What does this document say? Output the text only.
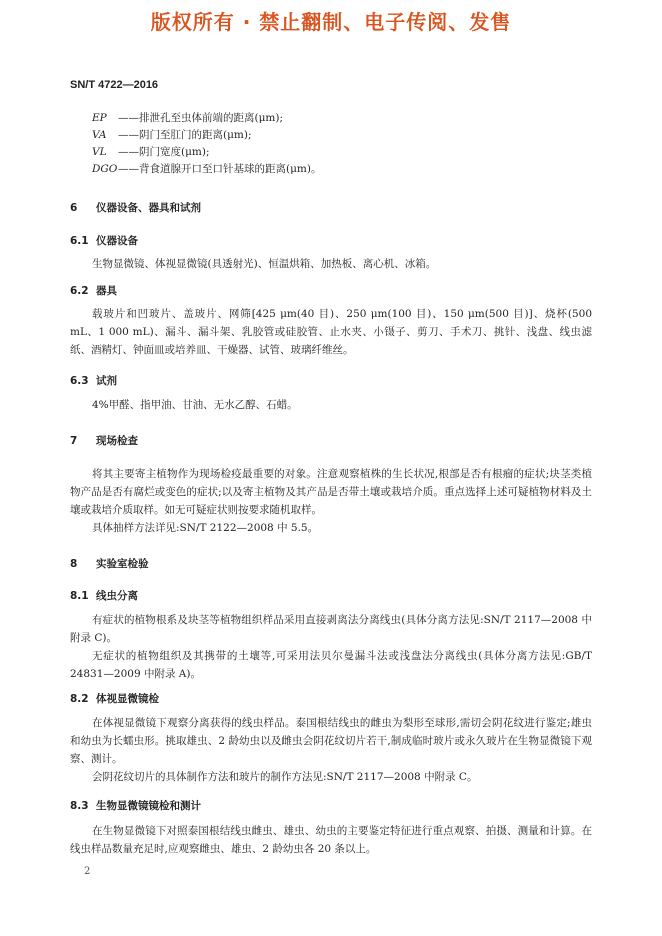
版权所有 · 禁止翻制、电子传阅、发售
SN/T 4722—2016
EP ——排泄孔至虫体前端的距离(μm);
VA ——阴门至肛门的距离(μm);
VL ——阴门宽度(μm);
DGO——背食道腺开口至口针基球的距离(μm)。
6 仪器设备、器具和试剂
6.1 仪器设备
生物显微镜、体视显微镜(具透射光)、恒温烘箱、加热板、离心机、冰箱。
6.2 器具
载玻片和凹玻片、盖玻片、网筛[425 μm(40 目)、250 μm(100 目)、150 μm(500 目)]、烧杯(500 mL、1 000 mL)、漏斗、漏斗架、乳胶管或硅胶管、止水夹、小镊子、剪刀、手术刀、挑针、浅盘、线虫滤纸、酒精灯、钟面皿或培养皿、干燥器、试管、玻璃纤维丝。
6.3 试剂
4%甲醛、指甲油、甘油、无水乙醇、石蜡。
7 现场检查
将其主要寄主植物作为现场检疫最重要的对象。注意观察植株的生长状况,根部是否有根瘤的症状;块茎类植物产品是否有腐烂或变色的症状;以及寄主植物及其产品是否带土壤或栽培介质。重点选择上述可疑植物材料及土壤或栽培介质取样。如无可疑症状则按要求随机取样。
具体抽样方法详见:SN/T 2122—2008 中 5.5。
8 实验室检验
8.1 线虫分离
有症状的植物根系及块茎等植物组织样品采用直接剥离法分离线虫(具体分离方法见:SN/T 2117—2008 中附录 C)。
无症状的植物组织及其携带的土壤等,可采用法贝尔曼漏斗法或浅盘法分离线虫(具体分离方法见:GB/T 24831—2009 中附录 A)。
8.2 体视显微镜检
在体视显微镜下观察分离获得的线虫样品。泰国根结线虫的雌虫为梨形至球形,需切会阴花纹进行鉴定;雄虫和幼虫为长蠕虫形。挑取雄虫、2 龄幼虫以及雌虫会阴花纹切片若干,制成临时玻片或永久玻片在生物显微镜下观察、测计。
会阴花纹切片的具体制作方法和玻片的制作方法见:SN/T 2117—2008 中附录 C。
8.3 生物显微镜镜检和测计
在生物显微镜下对照泰国根结线虫雌虫、雄虫、幼虫的主要鉴定特征进行重点观察、拍摄、测量和计算。在线虫样品数量充足时,应观察雌虫、雄虫、2 龄幼虫各 20 条以上。
2
